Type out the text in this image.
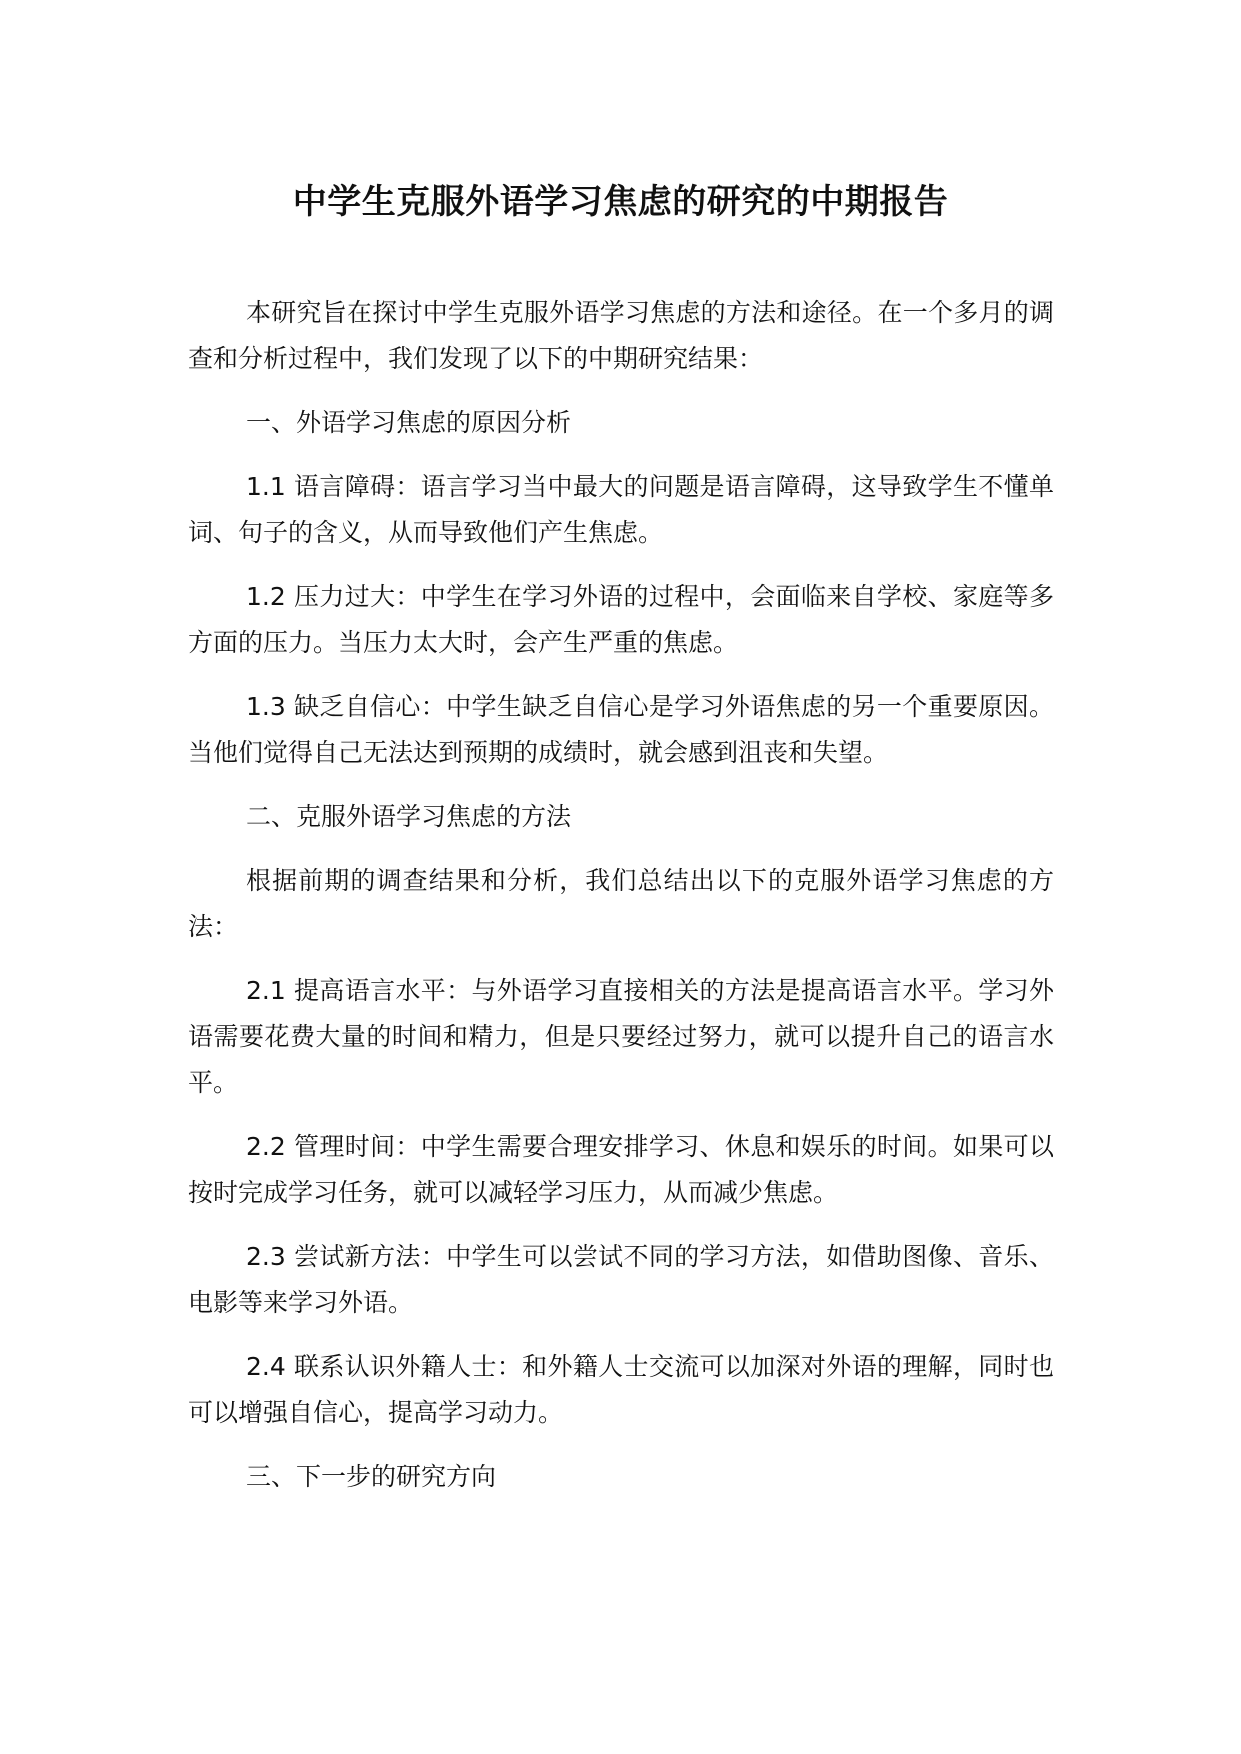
中学生克服外语学习焦虑的研究的中期报告

本研究旨在探讨中学生克服外语学习焦虑的方法和途径。在一个多月的调查和分析过程中，我们发现了以下的中期研究结果：

一、外语学习焦虑的原因分析

1.1 语言障碍：语言学习当中最大的问题是语言障碍，这导致学生不懂单词、句子的含义，从而导致他们产生焦虑。

1.2 压力过大：中学生在学习外语的过程中，会面临来自学校、家庭等多方面的压力。当压力太大时，会产生严重的焦虑。

1.3 缺乏自信心：中学生缺乏自信心是学习外语焦虑的另一个重要原因。当他们觉得自己无法达到预期的成绩时，就会感到沮丧和失望。

二、克服外语学习焦虑的方法

根据前期的调查结果和分析，我们总结出以下的克服外语学习焦虑的方法：

2.1 提高语言水平：与外语学习直接相关的方法是提高语言水平。学习外语需要花费大量的时间和精力，但是只要经过努力，就可以提升自己的语言水平。

2.2 管理时间：中学生需要合理安排学习、休息和娱乐的时间。如果可以按时完成学习任务，就可以减轻学习压力，从而减少焦虑。

2.3 尝试新方法：中学生可以尝试不同的学习方法，如借助图像、音乐、电影等来学习外语。

2.4 联系认识外籍人士：和外籍人士交流可以加深对外语的理解，同时也可以增强自信心，提高学习动力。

三、下一步的研究方向
